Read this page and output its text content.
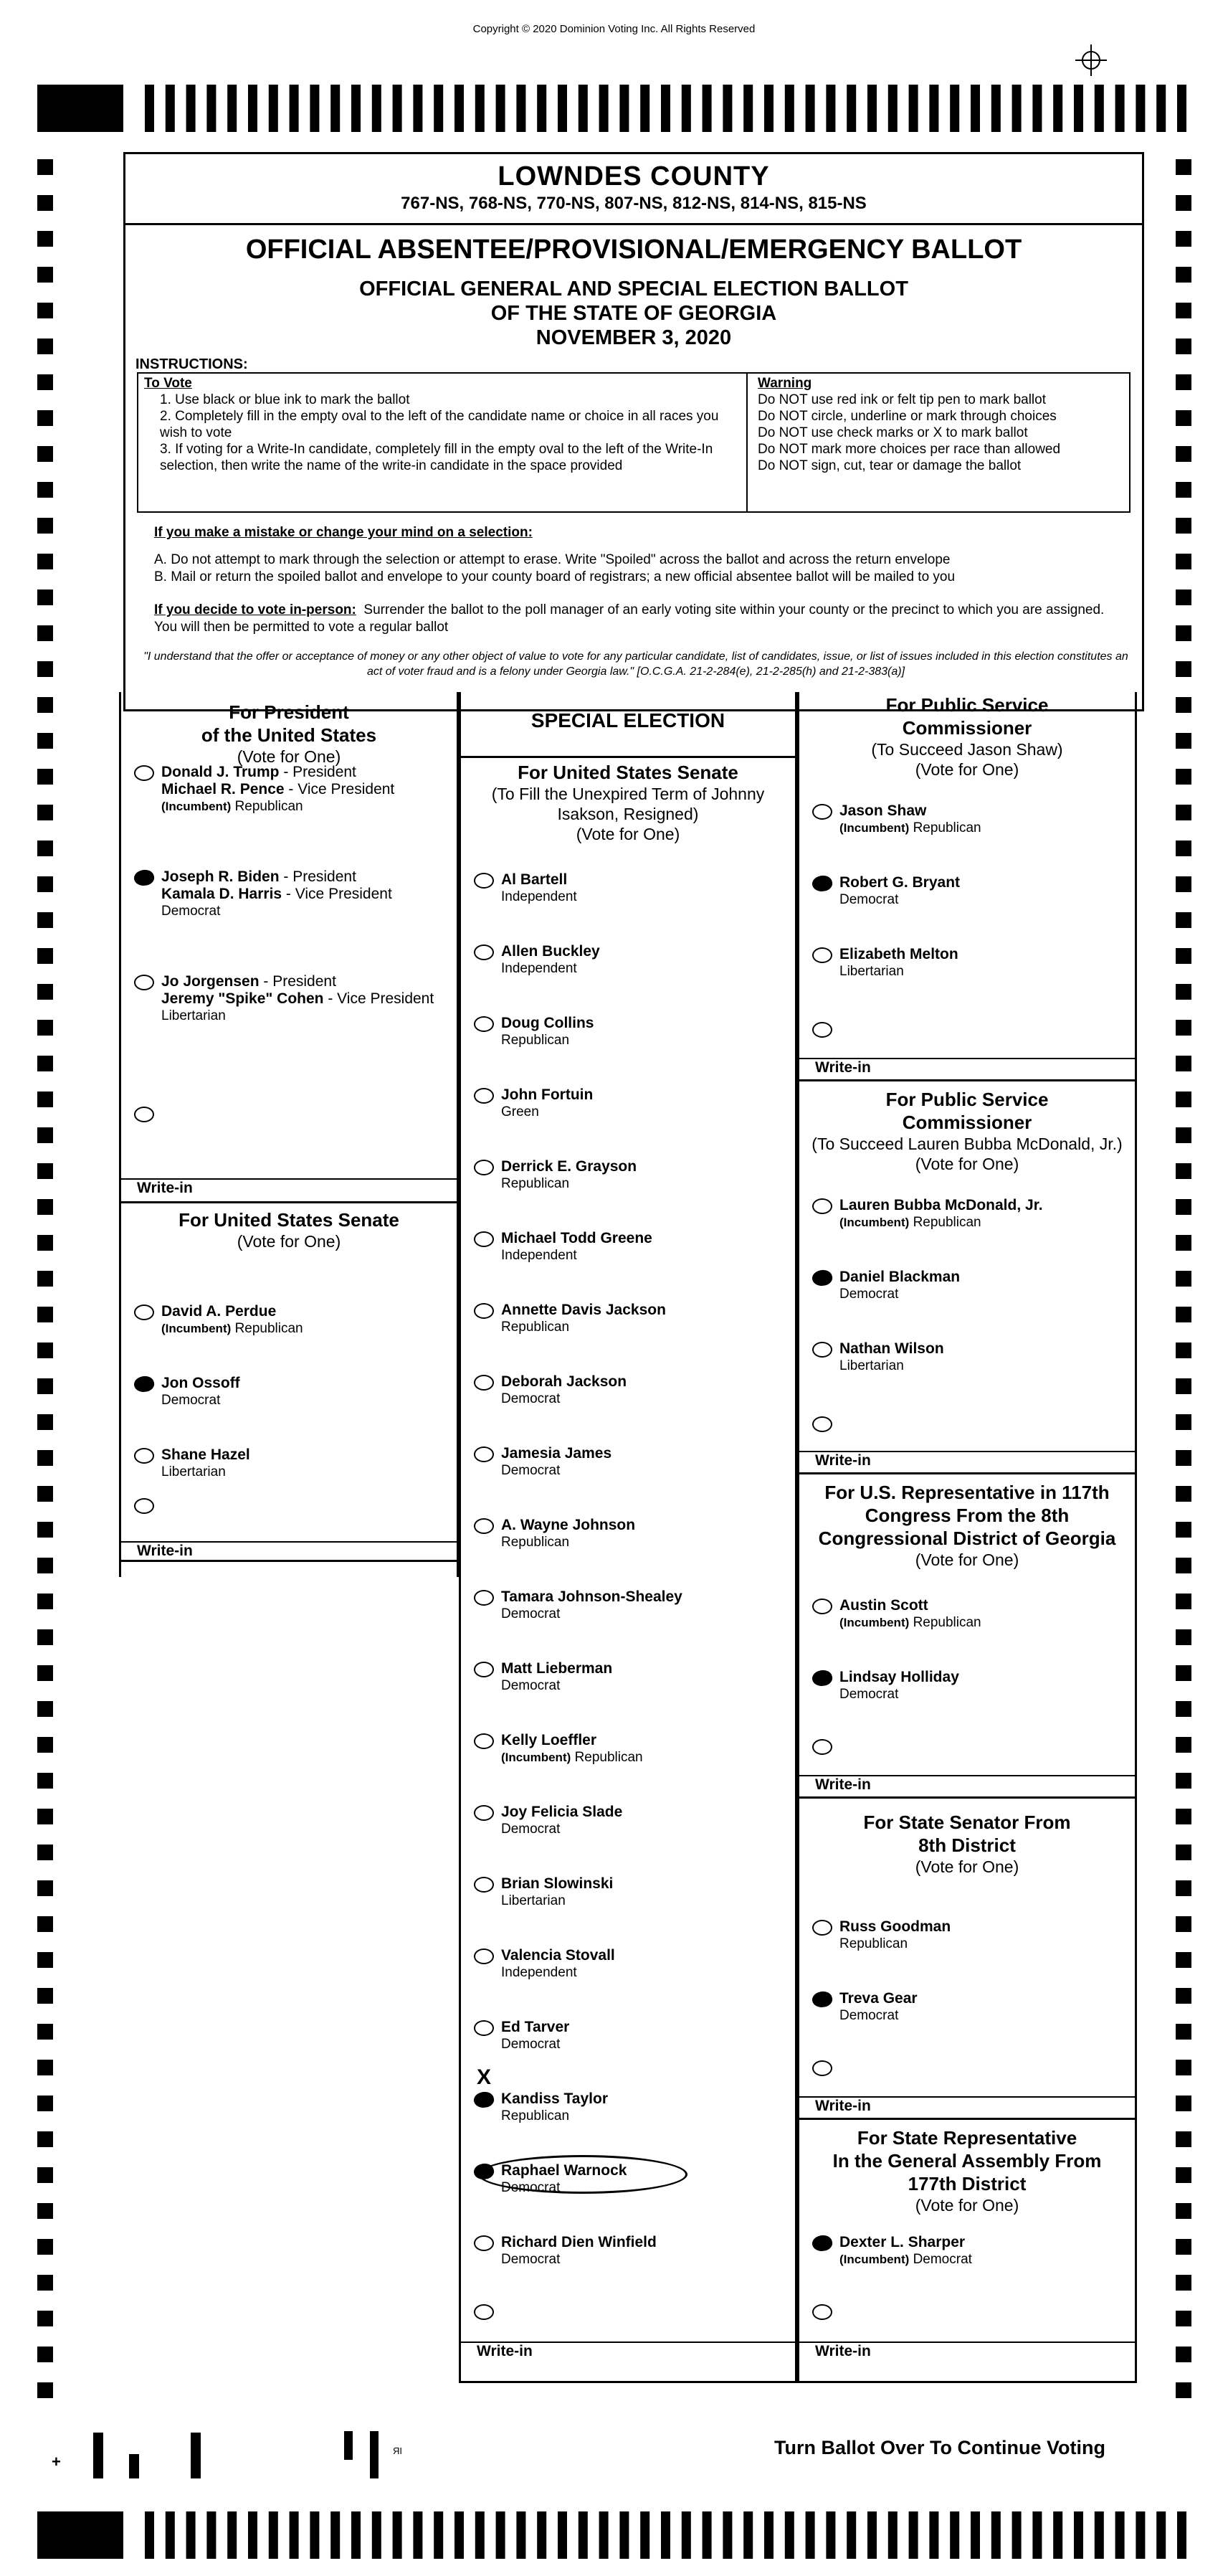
Copyright © 2020 Dominion Voting Inc. All Rights Reserved
LOWNDES COUNTY
767-NS, 768-NS, 770-NS, 807-NS, 812-NS, 814-NS, 815-NS
OFFICIAL ABSENTEE/PROVISIONAL/EMERGENCY BALLOT
OFFICIAL GENERAL AND SPECIAL ELECTION BALLOT
OF THE STATE OF GEORGIA
NOVEMBER 3, 2020
INSTRUCTIONS:
To Vote
1. Use black or blue ink to mark the ballot
2. Completely fill in the empty oval to the left of the candidate name or choice in all races you wish to vote
3. If voting for a Write-In candidate, completely fill in the empty oval to the left of the Write-In selection, then write the name of the write-in candidate in the space provided
Warning
Do NOT use red ink or felt tip pen to mark ballot
Do NOT circle, underline or mark through choices
Do NOT use check marks or X to mark ballot
Do NOT mark more choices per race than allowed
Do NOT sign, cut, tear or damage the ballot
If you make a mistake or change your mind on a selection:
A. Do not attempt to mark through the selection or attempt to erase. Write "Spoiled" across the ballot and across the return envelope
B. Mail or return the spoiled ballot and envelope to your county board of registrars; a new official absentee ballot will be mailed to you
If you decide to vote in-person: Surrender the ballot to the poll manager of an early voting site within your county or the precinct to which you are assigned. You will then be permitted to vote a regular ballot
"I understand that the offer or acceptance of money or any other object of value to vote for any particular candidate, list of candidates, issue, or list of issues included in this election constitutes an act of voter fraud and is a felony under Georgia law." [O.C.G.A. 21-2-284(e), 21-2-285(h) and 21-2-383(a)]
For President
of the United States
(Vote for One)
Donald J. Trump - President
Michael R. Pence - Vice President
(Incumbent) Republican
Joseph R. Biden - President
Kamala D. Harris - Vice President
Democrat
Jo Jorgensen - President
Jeremy "Spike" Cohen - Vice President
Libertarian
Write-in
For United States Senate
(Vote for One)
David A. Perdue
(Incumbent) Republican
Jon Ossoff
Democrat
Shane Hazel
Libertarian
Write-in
SPECIAL ELECTION
For United States Senate
(To Fill the Unexpired Term of Johnny
Isakson, Resigned)
(Vote for One)
Al Bartell
Independent
Allen Buckley
Independent
Doug Collins
Republican
John Fortuin
Green
Derrick E. Grayson
Republican
Michael Todd Greene
Independent
Annette Davis Jackson
Republican
Deborah Jackson
Democrat
Jamesia James
Democrat
A. Wayne Johnson
Republican
Tamara Johnson-Shealey
Democrat
Matt Lieberman
Democrat
Kelly Loeffler
(Incumbent) Republican
Joy Felicia Slade
Democrat
Brian Slowinski
Libertarian
Valencia Stovall
Independent
Ed Tarver
Democrat
Kandiss Taylor
Republican
X
Raphael Warnock
Democrat
Richard Dien Winfield
Democrat
Write-in
For Public Service
Commissioner
(To Succeed Jason Shaw)
(Vote for One)
Jason Shaw
(Incumbent) Republican
Robert G. Bryant
Democrat
Elizabeth Melton
Libertarian
Write-in
For Public Service
Commissioner
(To Succeed Lauren Bubba McDonald, Jr.)
(Vote for One)
Lauren Bubba McDonald, Jr.
(Incumbent) Republican
Daniel Blackman
Democrat
Nathan Wilson
Libertarian
Write-in
For U.S. Representative in 117th
Congress From the 8th
Congressional District of Georgia
(Vote for One)
Austin Scott
(Incumbent) Republican
Lindsay Holliday
Democrat
Write-in
For State Senator From
8th District
(Vote for One)
Russ Goodman
Republican
Treva Gear
Democrat
Write-in
For State Representative
In the General Assembly From
177th District
(Vote for One)
Dexter L. Sharper
(Incumbent) Democrat
Write-in
Turn Ballot Over To Continue Voting
+
ЯI
